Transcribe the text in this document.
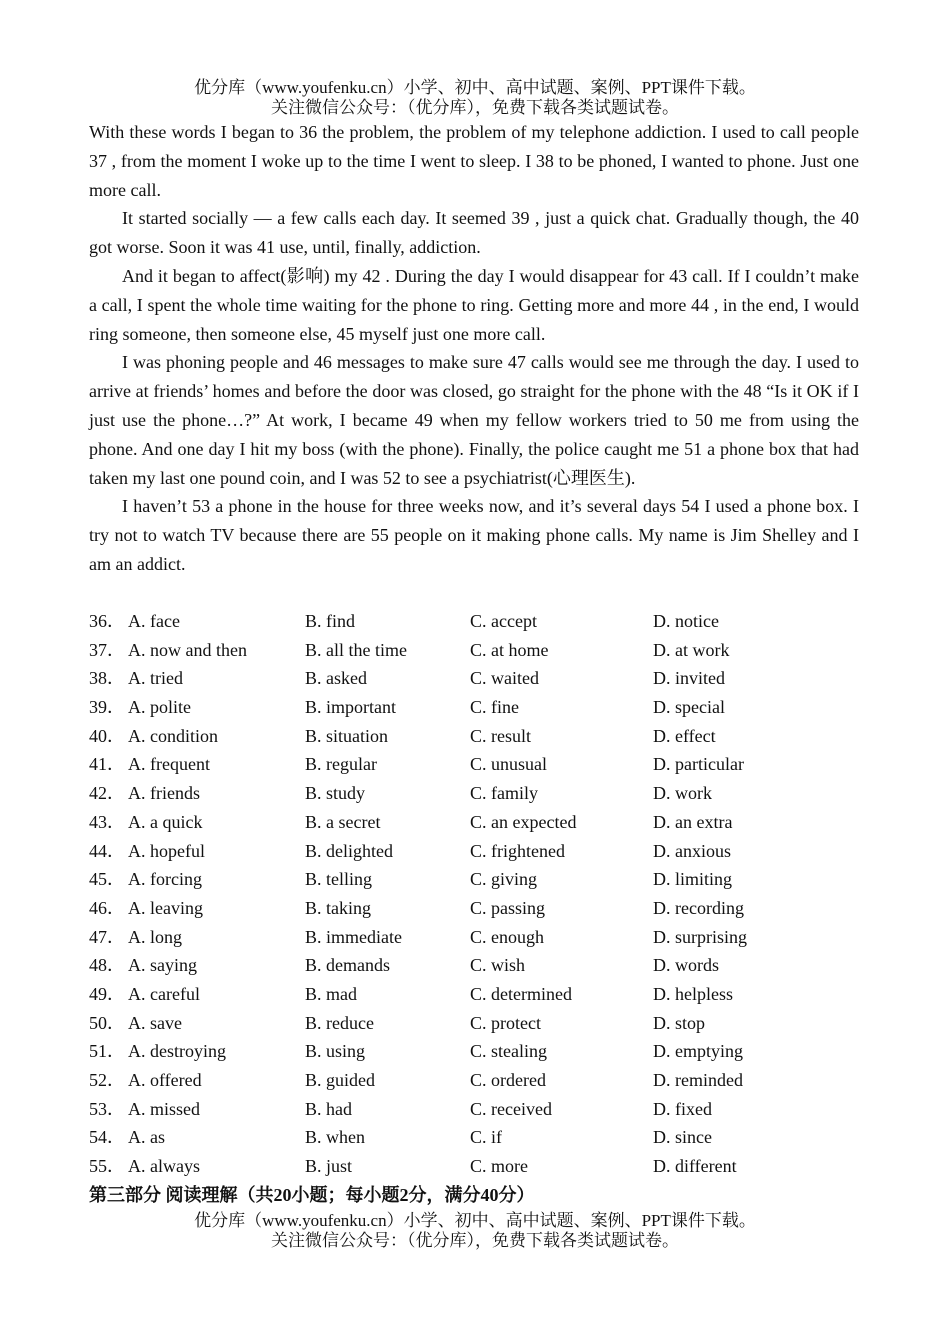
优分库（www.youfenku.cn）小学、初中、高中试题、案例、PPT课件下载。
关注微信公众号：（优分库），免费下载各类试题试卷。

With these words I began to 36 the problem, the problem of my telephone addiction. I used to call people 37 , from the moment I woke up to the time I went to sleep. I 38 to be phoned, I wanted to phone. Just one more call.

It started socially — a few calls each day. It seemed 39 , just a quick chat. Gradually though, the 40 got worse. Soon it was 41 use, until, finally, addiction.

And it began to affect(影响) my 42 . During the day I would disappear for 43 call. If I couldn’t make a call, I spent the whole time waiting for the phone to ring. Getting more and more 44 , in the end, I would ring someone, then someone else, 45 myself just one more call.

I was phoning people and 46 messages to make sure 47 calls would see me through the day. I used to arrive at friends’ homes and before the door was closed, go straight for the phone with the 48 “Is it OK if I just use the phone…?” At work, I became 49 when my fellow workers tried to 50 me from using the phone. And one day I hit my boss (with the phone). Finally, the police caught me 51 a phone box that had taken my last one pound coin, and I was 52 to see a psychiatrist(心理医生).

I haven’t 53 a phone in the house for three weeks now, and it’s several days 54 I used a phone box. I try not to watch TV because there are 55 people on it making phone calls. My name is Jim Shelley and I am an addict.

36． A. face	B. find	C. accept	D. notice
37． A. now and then	B. all the time	C. at home	D. at work
38． A. tried	B. asked	C. waited	D. invited
39． A. polite	B. important	C. fine	D. special
40． A. condition	B. situation	C. result	D. effect
41． A. frequent	B. regular	C. unusual	D. particular
42． A. friends	B. study	C. family	D. work
43． A. a quick	B. a secret	C. an expected	D. an extra
44． A. hopeful	B. delighted	C. frightened	D. anxious
45． A. forcing	B. telling	C. giving	D. limiting
46． A. leaving	B. taking	C. passing	D. recording
47． A. long	B. immediate	C. enough	D. surprising
48． A. saying	B. demands	C. wish	D. words
49． A. careful	B. mad	C. determined	D. helpless
50． A. save	B. reduce	C. protect	D. stop
51． A. destroying	B. using	C. stealing	D. emptying
52． A. offered	B. guided	C. ordered	D. reminded
53． A. missed	B. had	C. received	D. fixed
54． A. as	B. when	C. if	D. since
55． A. always	B. just	C. more	D. different
第三部分 阅读理解（共20小题；每小题2分，满分40分）
优分库（www.youfenku.cn）小学、初中、高中试题、案例、PPT课件下载。
关注微信公众号：（优分库），免费下载各类试题试卷。
